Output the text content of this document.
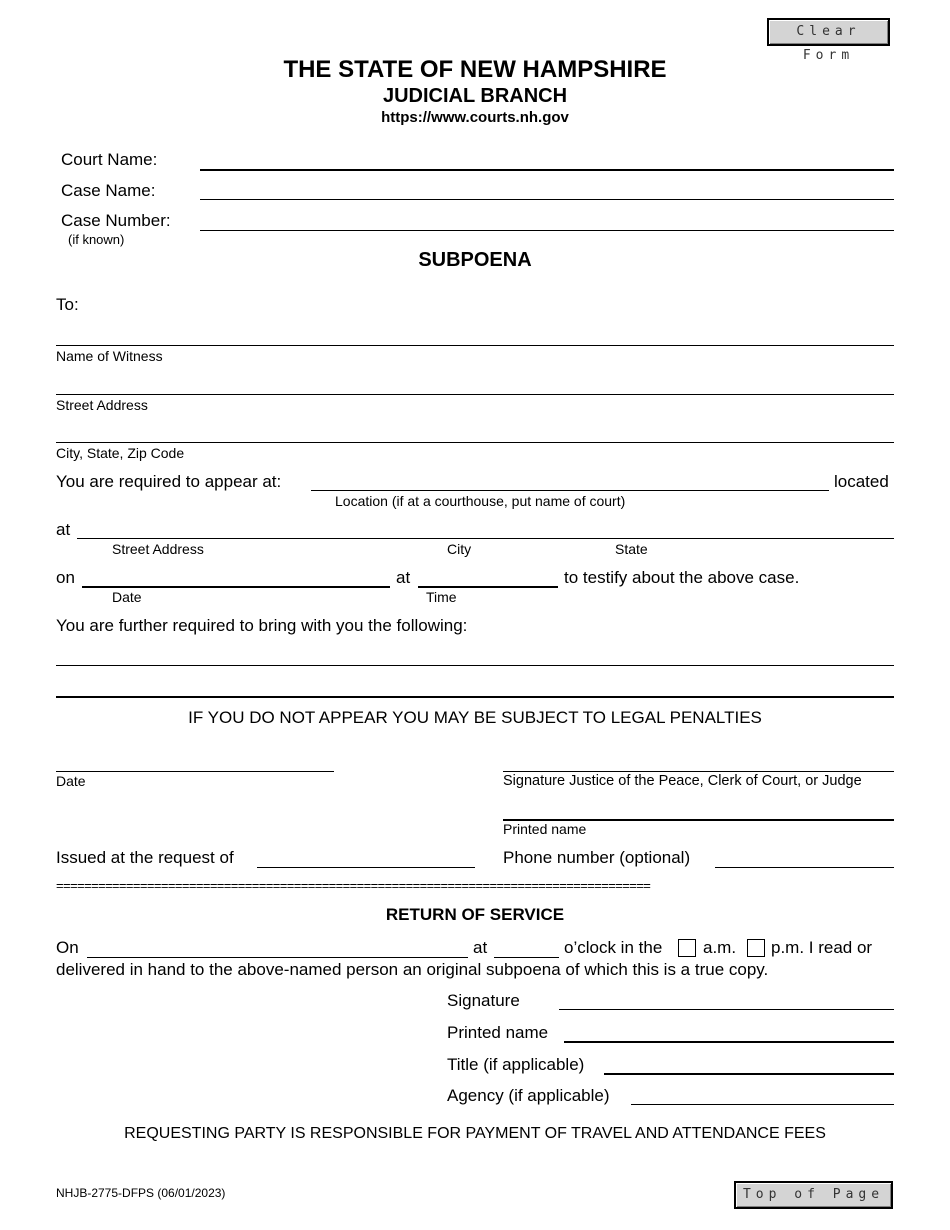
Clear Form
THE STATE OF NEW HAMPSHIRE
JUDICIAL BRANCH
https://www.courts.nh.gov
Court Name:
Case Name:
Case Number:
(if known)
SUBPOENA
To:
Name of Witness
Street Address
City, State, Zip Code
You are required to appear at:	located
Location (if at a courthouse, put name of court)
at
Street Address	City	State
on	at	to testify about the above case.
Date	Time
You are further required to bring with you the following:
IF YOU DO NOT APPEAR YOU MAY BE SUBJECT TO LEGAL PENALTIES
Date	Signature Justice of the Peace, Clerk of Court, or Judge
Printed name
Issued at the request of	Phone number (optional)
=====================================================================================
RETURN OF SERVICE
On	at	o’clock in the a.m. p.m. I read or
delivered in hand to the above-named person an original subpoena of which this is a true copy.
Signature
Printed name
Title (if applicable)
Agency (if applicable)
REQUESTING PARTY IS RESPONSIBLE FOR PAYMENT OF TRAVEL AND ATTENDANCE FEES
NHJB-2775-DFPS (06/01/2023)	Top of Page
